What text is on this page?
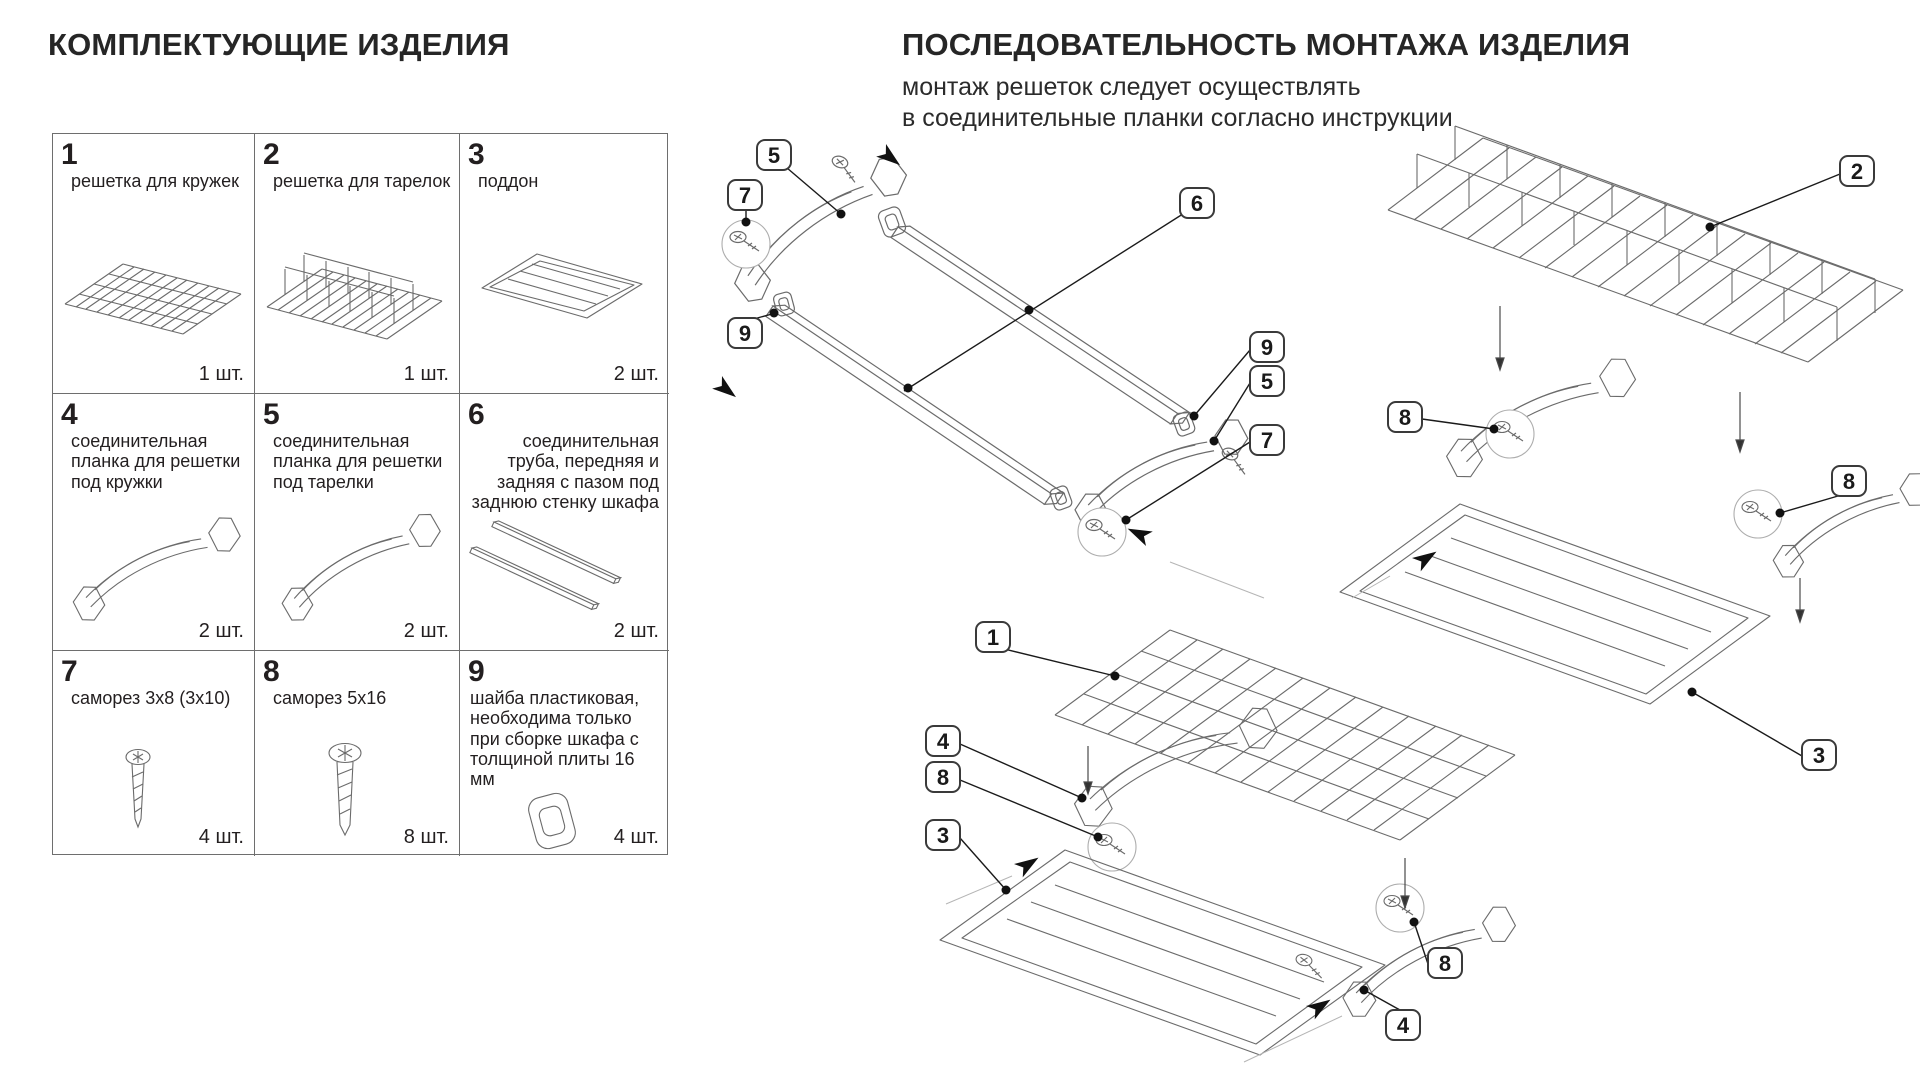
КОМПЛЕКТУЮЩИЕ ИЗДЕЛИЯ	ПОСЛЕДОВАТЕЛЬНОСТЬ МОНТАЖА ИЗДЕЛИЯ
монтаж решеток следует осуществлять
в соединительные планки согласно инструкции
1
решетка для кружек
1 шт.
2
решетка для тарелок
1 шт.
3
поддон
2 шт.
4
соединительная планка для решетки под кружки
2 шт.
5
соединительная планка для решетки под тарелки
2 шт.
6
соединительная труба, передняя и задняя с пазом под заднюю стенку шкафа
2 шт.
7
саморез 3х8 (3х10)
4 шт.
8
саморез 5х16
8 шт.
9
шайба пластиковая, необходима только при сборке шкафа с толщиной плиты 16 мм
4 шт.
5
7
9
6
9
5
7
2
8
8
3
1
4
8
3
8
4
